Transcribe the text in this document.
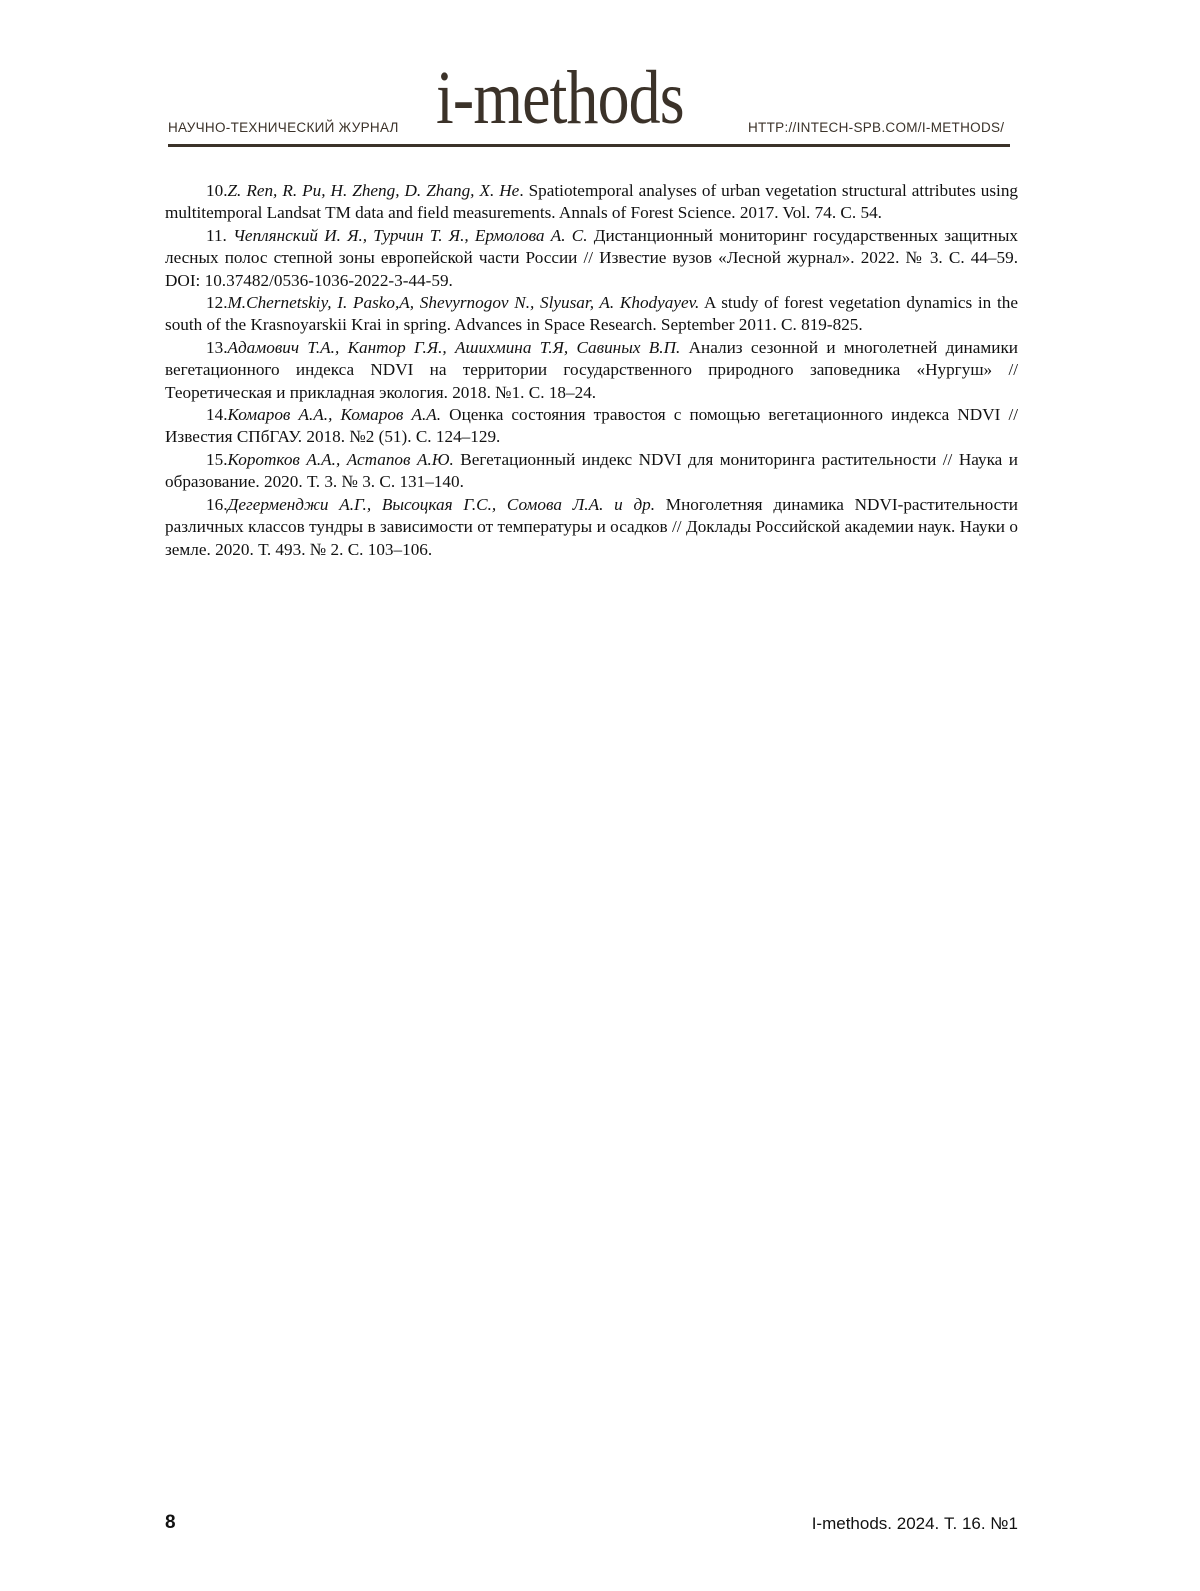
НАУЧНО-ТЕХНИЧЕСКИЙ ЖУРНАЛ i-methods	HTTP://INTECH-SPB.COM/I-METHODS/

10.Z. Ren, R. Pu, H. Zheng, D. Zhang, X. He. Spatiotemporal analyses of urban vegetation structural attributes using multitemporal Landsat TM data and field measurements. Annals of Forest Science. 2017. Vol. 74. С. 54.

11. Чеплянский И. Я., Турчин Т. Я., Ермолова А. С. Дистанционный мониторинг государственных защитных лесных полос степной зоны европейской части России // Известие вузов «Лесной журнал». 2022. № 3. С. 44–59. DOI: 10.37482/0536-1036-2022-3-44-59.

12.M.Chernetskiy, I. Pasko,A, Shevyrnogov N., Slyusar, A. Khodyayev. A study of forest vegetation dynamics in the south of the Krasnoyarskii Krai in spring. Advances in Space Research. September 2011. С. 819-825.

13.Адамович Т.А., Кантор Г.Я., Ашихмина Т.Я, Савиных В.П. Анализ сезонной и многолетней динамики вегетационного индекса NDVI на территории государственного природного заповедника «Нургуш» // Теоретическая и прикладная экология. 2018. №1. С. 18–24.

14.Комаров А.А., Комаров А.А. Оценка состояния травостоя с помощью вегетационного индекса NDVI // Известия СПбГАУ. 2018. №2 (51). С. 124–129.

15.Коротков А.А., Астапов А.Ю. Вегетационный индекс NDVI для мониторинга растительности // Наука и образование. 2020. Т. 3. № 3. С. 131–140.

16.Дегерменджи А.Г., Высоцкая Г.С., Сомова Л.А. и др. Многолетняя динамика NDVI-растительности различных классов тундры в зависимости от температуры и осадков // Доклады Российской академии наук. Науки о земле. 2020. Т. 493. № 2. С. 103–106.

8	I-methods. 2024. Т. 16. №1
